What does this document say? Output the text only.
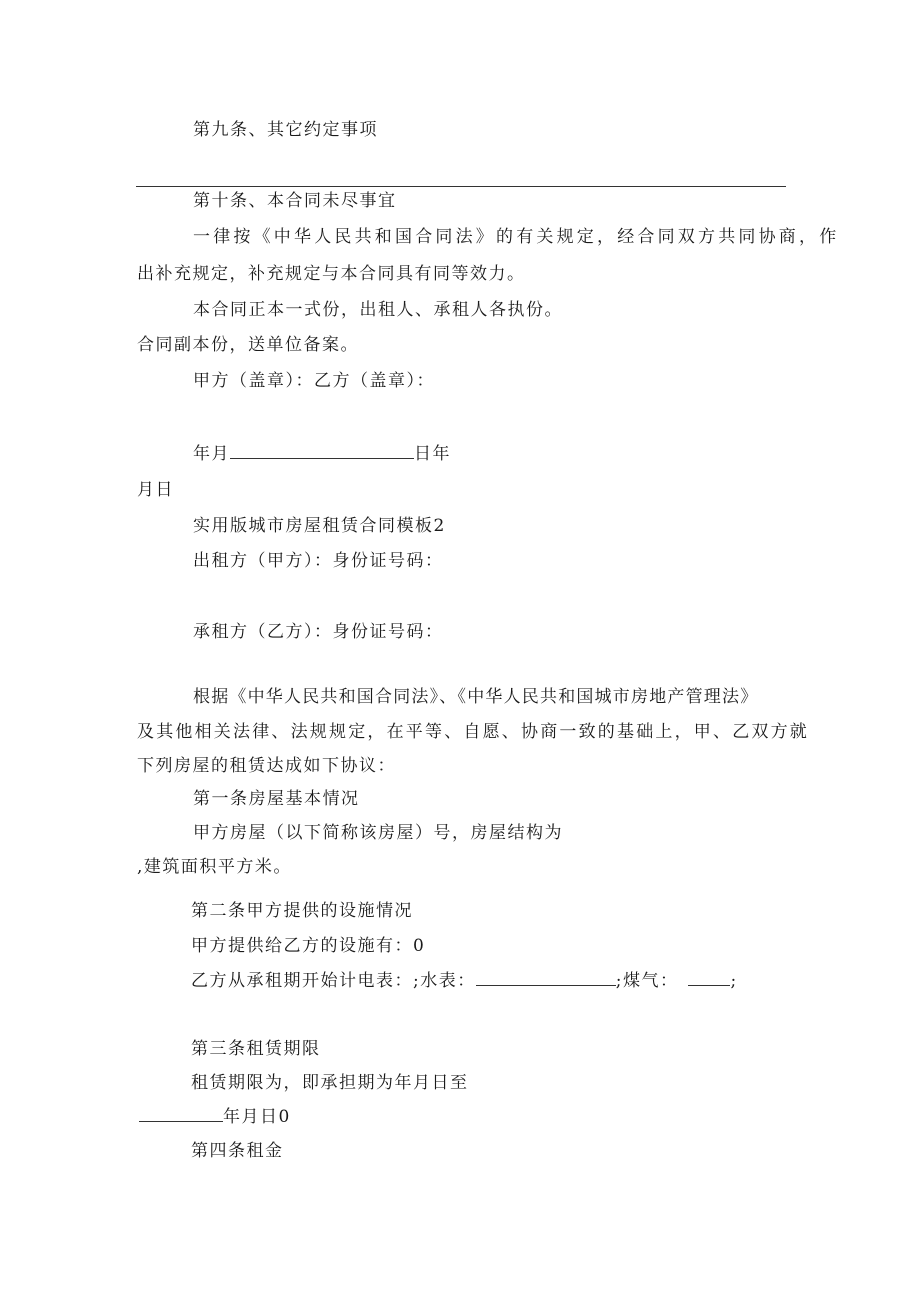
第九条、其它约定事项
第十条、本合同未尽事宜
一律按《中华人民共和国合同法》的有关规定，经合同双方共同协商，作
出补充规定，补充规定与本合同具有同等效力。
本合同正本一式份，出租人、承租人各执份。
合同副本份，送单位备案。
甲方（盖章）：乙方（盖章）：
年月	日年
月日
实用版城市房屋租赁合同模板2
出租方（甲方）：身份证号码：
承租方（乙方）：身份证号码：
根据《中华人民共和国合同法》、《中华人民共和国城市房地产管理法》
及其他相关法律、法规规定，在平等、自愿、协商一致的基础上，甲、乙双方就
下列房屋的租赁达成如下协议：
第一条房屋基本情况
甲方房屋（以下简称该房屋）号，房屋结构为
,建筑面积平方米。
第二条甲方提供的设施情况
甲方提供给乙方的设施有：0
乙方从承租期开始计电表：;水表：	;煤气：	;
第三条租赁期限
租赁期限为，即承担期为年月日至
年月日0
第四条租金
